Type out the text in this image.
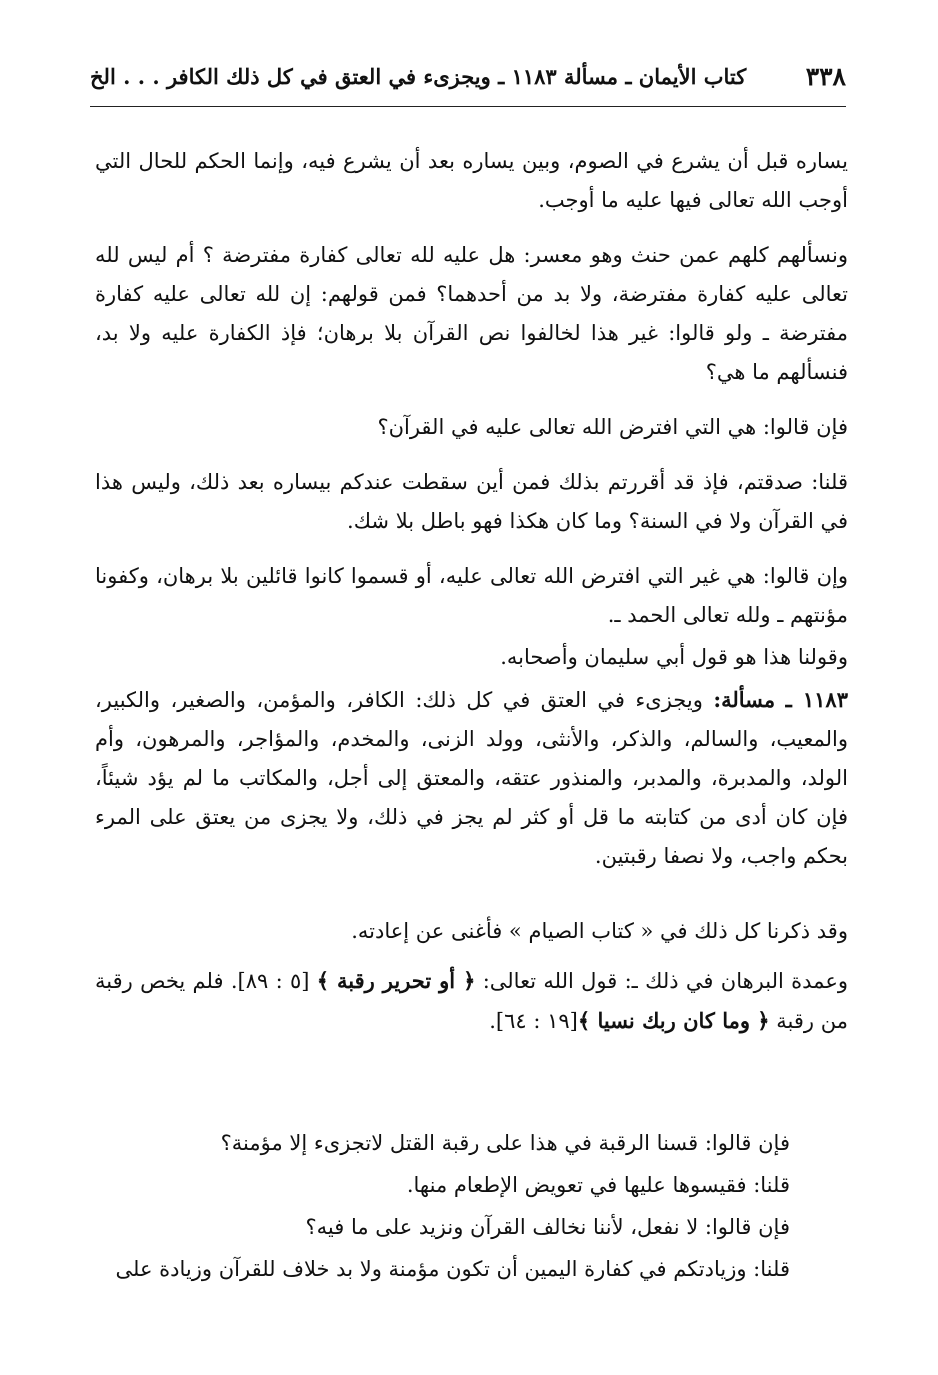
٣٣٨
كتاب الأيمان ـ مسألة ١١٨٣ ـ ويجزىء في العتق في كل ذلك الكافر . . . الخ

يساره قبل أن يشرع في الصوم، وبين يساره بعد أن يشرع فيه، وإنما الحكم للحال التي أوجب الله تعالى فيها عليه ما أوجب.

ونسألهم كلهم عمن حنث وهو معسر: هل عليه لله تعالى كفارة مفترضة ؟ أم ليس لله تعالى عليه كفارة مفترضة، ولا بد من أحدهما؟ فمن قولهم: إن لله تعالى عليه كفارة مفترضة ـ ولو قالوا: غير هذا لخالفوا نص القرآن بلا برهان؛ فإذ الكفارة عليه ولا بد، فنسألهم ما هي؟

فإن قالوا: هي التي افترض الله تعالى عليه في القرآن؟

قلنا: صدقتم، فإذ قد أقررتم بذلك فمن أين سقطت عندكم بيساره بعد ذلك، وليس هذا في القرآن ولا في السنة؟ وما كان هكذا فهو باطل بلا شك.

وإن قالوا: هي غير التي افترض الله تعالى عليه، أو قسموا كانوا قائلين بلا برهان، وكفونا مؤنتهم ـ ولله تعالى الحمد ـ.

وقولنا هذا هو قول أبي سليمان وأصحابه.

١١٨٣ ـ مسألة: ويجزىء في العتق في كل ذلك: الكافر، والمؤمن، والصغير، والكبير، والمعيب، والسالم، والذكر، والأنثى، وولد الزنى، والمخدم، والمؤاجر، والمرهون، وأم الولد، والمدبرة، والمدبر، والمنذور عتقه، والمعتق إلى أجل، والمكاتب ما لم يؤد شيئاً، فإن كان أدى من كتابته ما قل أو كثر لم يجز في ذلك، ولا يجزى من يعتق على المرء بحكم واجب، ولا نصفا رقبتين.

وقد ذكرنا كل ذلك في « كتاب الصيام » فأغنى عن إعادته.

وعمدة البرهان في ذلك ـ: قول الله تعالى: ﴿ أو تحرير رقبة ﴾ [٥ : ٨٩]. فلم يخص رقبة من رقبة ﴿ وما كان ربك نسيا ﴾[١٩ : ٦٤].

فإن قالوا: قسنا الرقبة في هذا على رقبة القتل لاتجزىء إلا مؤمنة؟

قلنا: فقيسوها عليها في تعويض الإطعام منها.

فإن قالوا: لا نفعل، لأننا نخالف القرآن ونزيد على ما فيه؟

قلنا: وزيادتكم في كفارة اليمين أن تكون مؤمنة ولا بد خلاف للقرآن وزيادة على
